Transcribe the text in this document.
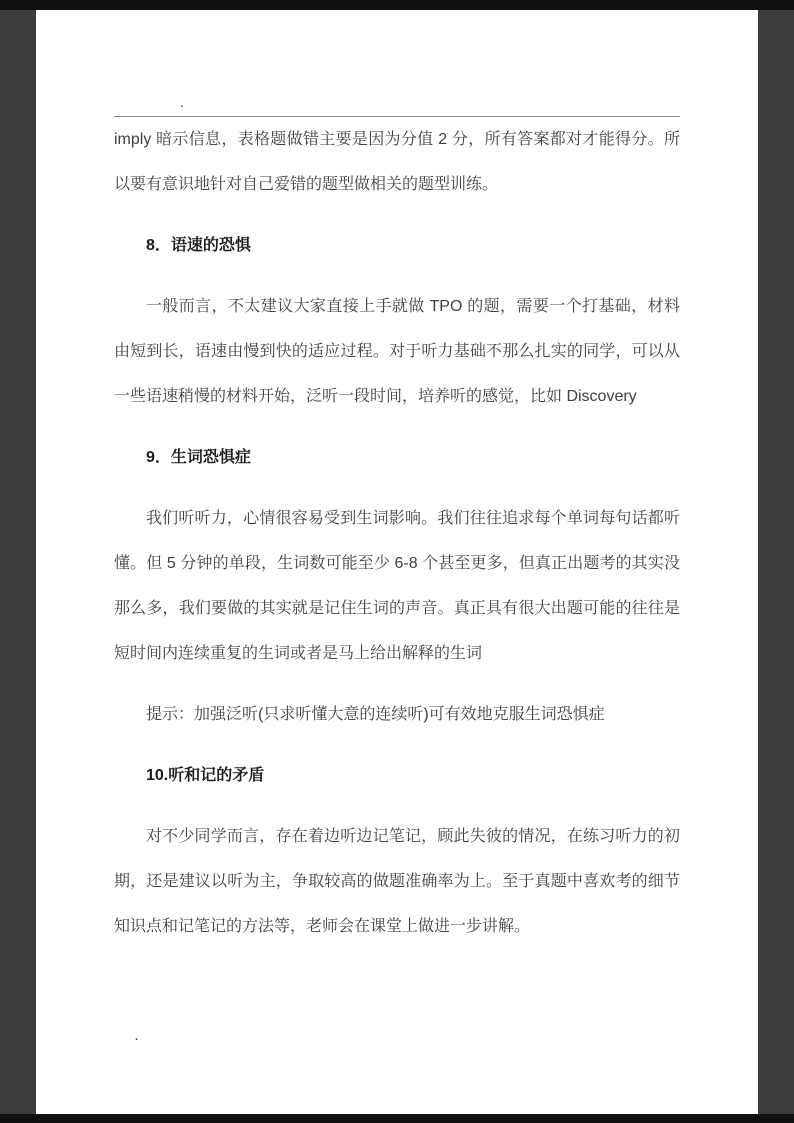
.

imply 暗示信息，表格题做错主要是因为分值 2 分，所有答案都对才能得分。所以要有意识地针对自己爱错的题型做相关的题型训练。

8．语速的恐惧

一般而言，不太建议大家直接上手就做 TPO 的题，需要一个打基础，材料由短到长，语速由慢到快的适应过程。对于听力基础不那么扎实的同学，可以从一些语速稍慢的材料开始，泛听一段时间，培养听的感觉，比如 Discovery

9．生词恐惧症

我们听听力，心情很容易受到生词影响。我们往往追求每个单词每句话都听懂。但 5 分钟的单段，生词数可能至少 6-8 个甚至更多，但真正出题考的其实没那么多，我们要做的其实就是记住生词的声音。真正具有很大出题可能的往往是短时间内连续重复的生词或者是马上给出解释的生词

提示：加强泛听(只求听懂大意的连续听)可有效地克服生词恐惧症

10.听和记的矛盾

对不少同学而言，存在着边听边记笔记，顾此失彼的情况，在练习听力的初期，还是建议以听为主，争取较高的做题准确率为上。至于真题中喜欢考的细节知识点和记笔记的方法等，老师会在课堂上做进一步讲解。

·
